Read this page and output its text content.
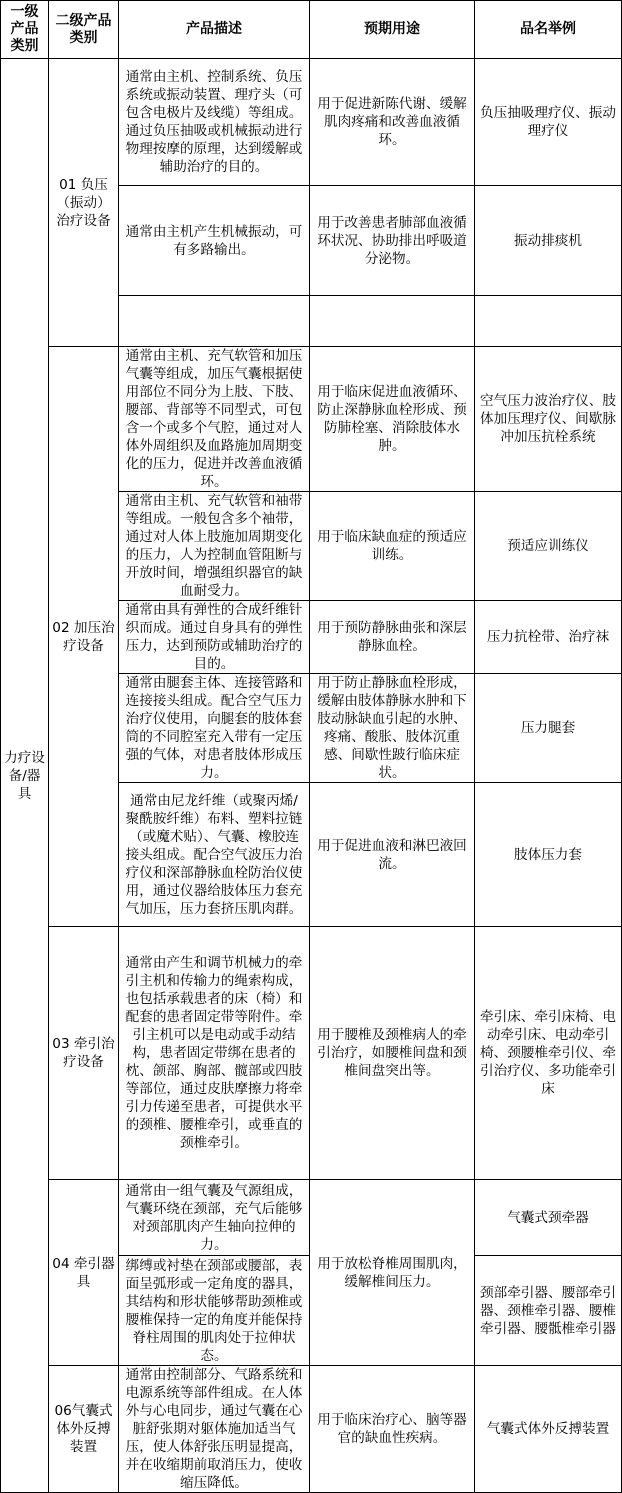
一级产品类别	二级产品类别	产品描述	预期用途	品名举例
力疗设备/器具	01 负压（振动）治疗设备	通常由主机、控制系统、负压系统或振动装置、理疗头（可包含电极片及线缆）等组成。通过负压抽吸或机械振动进行物理按摩的原理，达到缓解或辅助治疗的目的。	用于促进新陈代谢、缓解肌肉疼痛和改善血液循环。	负压抽吸理疗仪、振动理疗仪
		通常由主机产生机械振动，可有多路输出。	用于改善患者肺部血液循环状况、协助排出呼吸道分泌物。	振动排痰机

	02 加压治疗设备	通常由主机、充气软管和加压气囊等组成，加压气囊根据使用部位不同分为上肢、下肢、腰部、背部等不同型式，可包含一个或多个气腔，通过对人体外周组织及血路施加周期变化的压力，促进并改善血液循环。	用于临床促进血液循环、防止深静脉血栓形成、预防肺栓塞、消除肢体水肿。	空气压力波治疗仪、肢体加压理疗仪、间歇脉冲加压抗栓系统
		通常由主机、充气软管和袖带等组成。一般包含多个袖带，通过对人体上肢施加周期变化的压力，人为控制血管阻断与开放时间，增强组织器官的缺血耐受力。	用于临床缺血症的预适应训练。	预适应训练仪
		通常由具有弹性的合成纤维针织而成。通过自身具有的弹性压力，达到预防或辅助治疗的目的。	用于预防静脉曲张和深层静脉血栓。	压力抗栓带、治疗袜
		通常由腿套主体、连接管路和连接接头组成。配合空气压力治疗仪使用，向腿套的肢体套筒的不同腔室充入带有一定压强的气体，对患者肢体形成压力。	用于防止静脉血栓形成，缓解由肢体静脉水肿和下肢动脉缺血引起的水肿、疼痛、酸胀、肢体沉重感、间歇性跛行临床症状。	压力腿套
		通常由尼龙纤维（或聚丙烯/聚酰胺纤维）布料、塑料拉链（或魔术贴）、气囊、橡胶连接头组成。配合空气波压力治疗仪和深部静脉血栓防治仪使用，通过仪器给肢体压力套充气加压，压力套挤压肌肉群。	用于促进血液和淋巴液回流。	肢体压力套
	03 牵引治疗设备	通常由产生和调节机械力的牵引主机和传输力的绳索构成，也包括承载患者的床（椅）和配套的患者固定带等附件。牵引主机可以是电动或手动结构，患者固定带绑在患者的枕、颌部、胸部、髋部或四肢等部位，通过皮肤摩擦力将牵引力传递至患者，可提供水平的颈椎、腰椎牵引，或垂直的颈椎牵引。	用于腰椎及颈椎病人的牵引治疗，如腰椎间盘和颈椎间盘突出等。	牵引床、牵引床椅、电动牵引床、电动牵引椅、颈腰椎牵引仪、牵引治疗仪、多功能牵引床
	04 牵引器具	通常由一组气囊及气源组成，气囊环绕在颈部，充气后能够对颈部肌肉产生轴向拉伸的力。	用于放松脊椎周围肌肉，缓解椎间压力。	气囊式颈牵器
		绑缚或衬垫在颈部或腰部，表面呈弧形或一定角度的器具，其结构和形状能够帮助颈椎或腰椎保持一定的角度并能保持脊柱周围的肌肉处于拉伸状态。		颈部牵引器、腰部牵引器、颈椎牵引器、腰椎牵引器、腰骶椎牵引器
	06气囊式体外反搏装置	通常由控制部分、气路系统和电源系统等部件组成。在人体外与心电同步，通过气囊在心脏舒张期对躯体施加适当气压，使人体舒张压明显提高，并在收缩期前取消压力，使收缩压降低。	用于临床治疗心、脑等器官的缺血性疾病。	气囊式体外反搏装置
